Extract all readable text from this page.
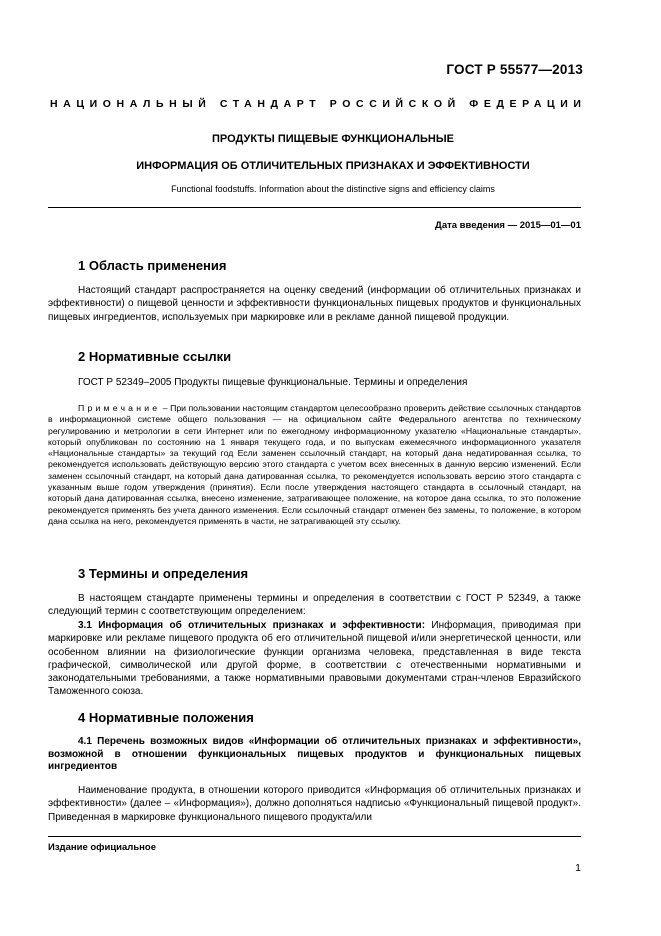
ГОСТ Р 55577—2013
НАЦИОНАЛЬНЫЙ СТАНДАРТ РОССИЙСКОЙ ФЕДЕРАЦИИ
ПРОДУКТЫ ПИЩЕВЫЕ ФУНКЦИОНАЛЬНЫЕ
ИНФОРМАЦИЯ ОБ ОТЛИЧИТЕЛЬНЫХ ПРИЗНАКАХ И ЭФФЕКТИВНОСТИ
Functional foodstuffs. Information about the distinctive signs and efficiency claims
Дата введения — 2015—01—01
1 Область применения
Настоящий стандарт распространяется на оценку сведений (информации об отличительных признаках и эффективности) о пищевой ценности и эффективности функциональных пищевых продуктов и функциональных пищевых ингредиентов, используемых при маркировке или в рекламе данной пищевой продукции.
2 Нормативные ссылки
ГОСТ Р 52349–2005 Продукты пищевые функциональные. Термины и определения
Примечание – При пользовании настоящим стандартом целесообразно проверить действие ссылочных стандартов в информационной системе общего пользования — на официальном сайте Федерального агентства по техническому регулированию и метрологии в сети Интернет или по ежегодному информационному указателю «Национальные стандарты», который опубликован по состоянию на 1 января текущего года, и по выпускам ежемесячного информационного указателя «Национальные стандарты» за текущий год Если заменен ссылочный стандарт, на который дана недатированная ссылка, то рекомендуется использовать действующую версию этого стандарта с учетом всех внесенных в данную версию изменений. Если заменен ссылочный стандарт, на который дана датированная ссылка, то рекомендуется использовать версию этого стандарта с указанным выше годом утверждения (принятия). Если после утверждения настоящего стандарта в ссылочный стандарт, на который дана датированная ссылка, внесено изменение, затрагивающее положение, на которое дана ссылка, то это положение рекомендуется применять без учета данного изменения. Если ссылочный стандарт отменен без замены, то положение, в котором дана ссылка на него, рекомендуется применять в части, не затрагивающей эту ссылку.
3 Термины и определения
В настоящем стандарте применены термины и определения в соответствии с ГОСТ Р 52349, а также следующий термин с соответствующим определением:
3.1 Информация об отличительных признаках и эффективности: Информация, приводимая при маркировке или рекламе пищевого продукта об его отличительной пищевой и/или энергетической ценности, или особенном влиянии на физиологические функции организма человека, представленная в виде текста графической, символической или другой форме, в соответствии с отечественными нормативными и законодательными требованиями, а также нормативными правовыми документами стран-членов Евразийского Таможенного союза.
4 Нормативные положения
4.1 Перечень возможных видов «Информации об отличительных признаках и эффективности», возможной в отношении функциональных пищевых продуктов и функциональных пищевых ингредиентов
Наименование продукта, в отношении которого приводится «Информация об отличительных признаках и эффективности» (далее – «Информация»), должно дополняться надписью «Функциональный пищевой продукт». Приведенная в маркировке функционального пищевого продукта/или
Издание официальное
1
